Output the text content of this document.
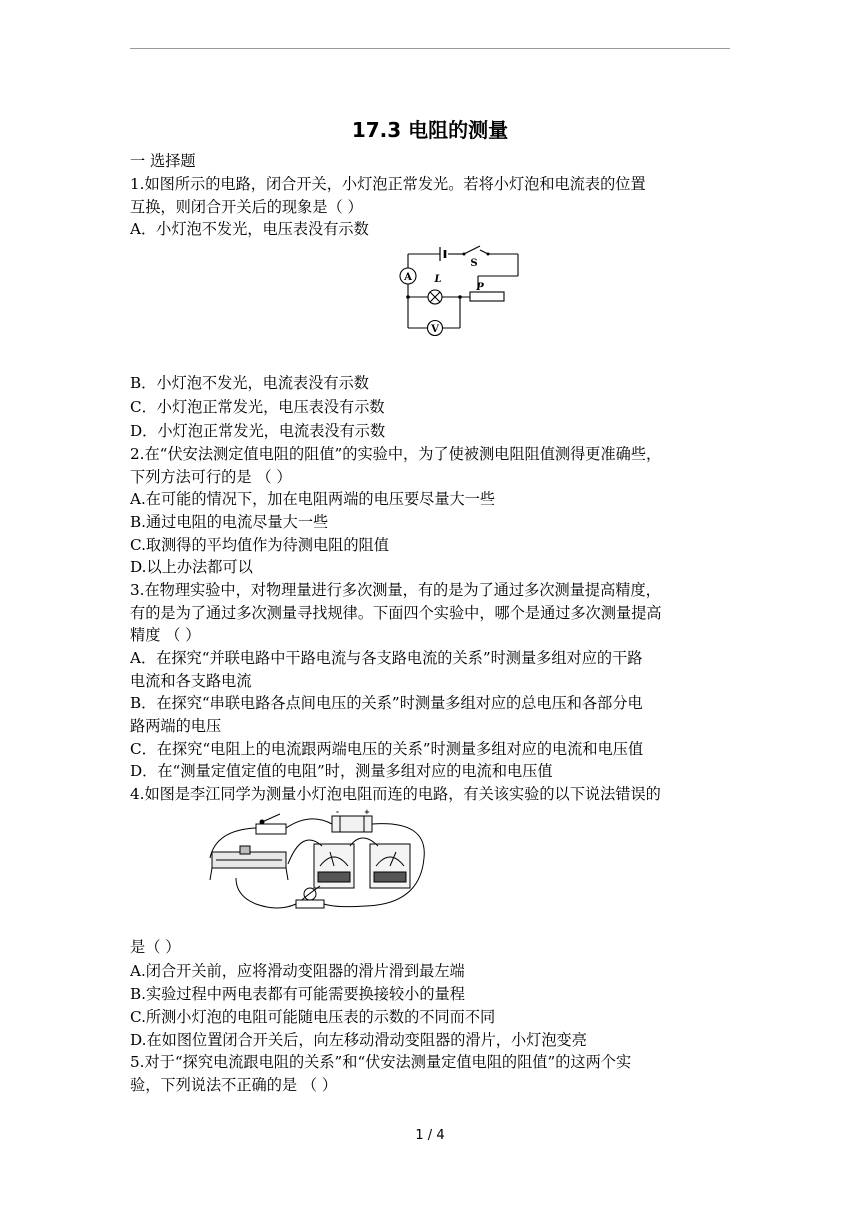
17.3 电阻的测量
一 选择题
1.如图所示的电路，闭合开关，小灯泡正常发光。若将小灯泡和电流表的位置
互换，则闭合开关后的现象是（ ）
A．小灯泡不发光，电压表没有示数
A
V
L
S
P
B．小灯泡不发光，电流表没有示数
C．小灯泡正常发光，电压表没有示数
D．小灯泡正常发光，电流表没有示数
2.在“伏安法测定值电阻的阻值”的实验中，为了使被测电阻阻值测得更准确些，
下列方法可行的是 （ ）
A.在可能的情况下，加在电阻两端的电压要尽量大一些
B.通过电阻的电流尽量大一些
C.取测得的平均值作为待测电阻的阻值
D.以上办法都可以
3.在物理实验中，对物理量进行多次测量，有的是为了通过多次测量提高精度，
有的是为了通过多次测量寻找规律。下面四个实验中，哪个是通过多次测量提高
精度 （ ）
A．在探究“并联电路中干路电流与各支路电流的关系”时测量多组对应的干路
电流和各支路电流
B．在探究“串联电路各点间电压的关系”时测量多组对应的总电压和各部分电
路两端的电压
C．在探究“电阻上的电流跟两端电压的关系”时测量多组对应的电流和电压值
D．在“测量定值定值的电阻”时，测量多组对应的电流和电压值
4.如图是李江同学为测量小灯泡电阻而连的电路，有关该实验的以下说法错误的
-	+
是（ ）
A.闭合开关前，应将滑动变阻器的滑片滑到最左端
B.实验过程中两电表都有可能需要换接较小的量程
C.所测小灯泡的电阻可能随电压表的示数的不同而不同
D.在如图位置闭合开关后，向左移动滑动变阻器的滑片，小灯泡变亮
5.对于“探究电流跟电阻的关系”和“伏安法测量定值电阻的阻值”的这两个实
验，下列说法不正确的是 （ ）
1 / 4
